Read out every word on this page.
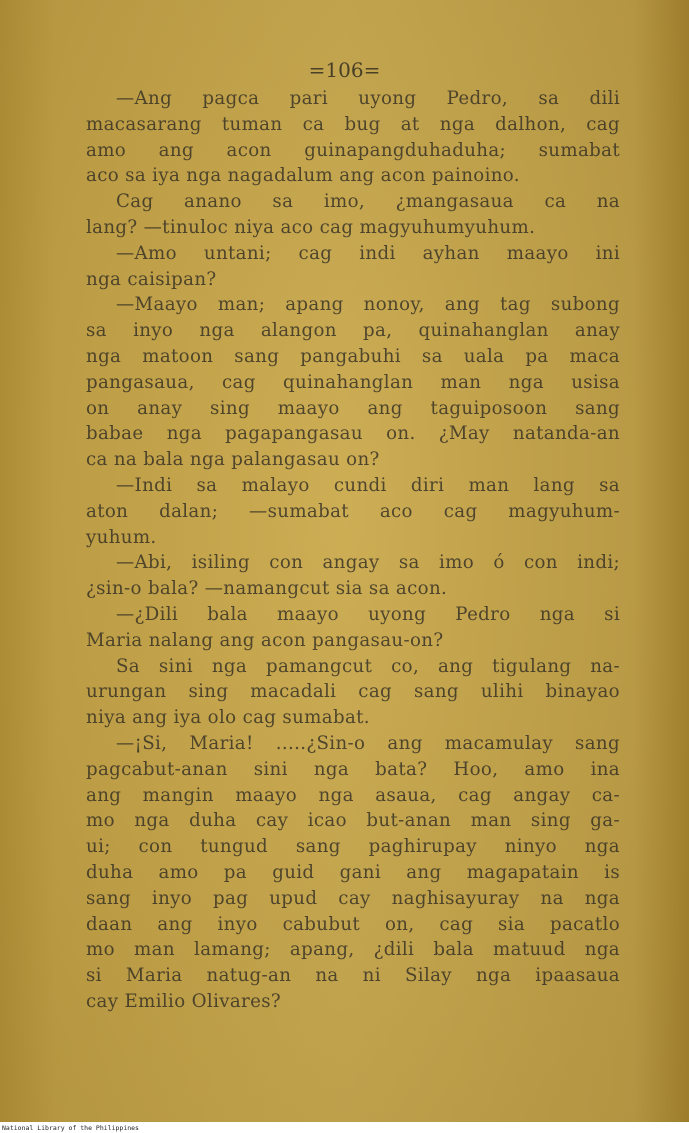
=106=
—Ang pagca pari uyong Pedro, sa dili
macasarang tuman ca bug at nga dalhon, cag
amo ang acon guinapangduhaduha; sumabat
aco sa iya nga nagadalum ang acon painoino.
Cag anano sa imo, ¿mangasaua ca na
lang? —tinuloc niya aco cag magyuhumyuhum.
—Amo untani; cag indi ayhan maayo ini
nga caisipan?
—Maayo man; apang nonoy, ang tag subong
sa inyo nga alangon pa, quinahanglan anay
nga matoon sang pangabuhi sa uala pa maca
pangasaua, cag quinahanglan man nga usisa
on anay sing maayo ang taguiposoon sang
babae nga pagapangasau on. ¿May natanda-an
ca na bala nga palangasau on?
—Indi sa malayo cundi diri man lang sa
aton dalan; —sumabat aco cag magyuhum-
yuhum.
—Abi, isiling con angay sa imo ó con indi;
¿sin-o bala? —namangcut sia sa acon.
—¿Dili bala maayo uyong Pedro nga si
Maria nalang ang acon pangasau-on?
Sa sini nga pamangcut co, ang tigulang na-
urungan sing macadali cag sang ulihi binayao
niya ang iya olo cag sumabat.
—¡Si, Maria! .....¿Sin-o ang macamulay sang
pagcabut-anan sini nga bata? Hoo, amo ina
ang mangin maayo nga asaua, cag angay ca-
mo nga duha cay icao but-anan man sing ga-
ui; con tungud sang paghirupay ninyo nga
duha amo pa guid gani ang magapatain is
sang inyo pag upud cay naghisayuray na nga
daan ang inyo cabubut on, cag sia pacatlo
mo man lamang; apang, ¿dili bala matuud nga
si Maria natug-an na ni Silay nga ipaasaua
cay Emilio Olivares?
National Library of the Philippines
